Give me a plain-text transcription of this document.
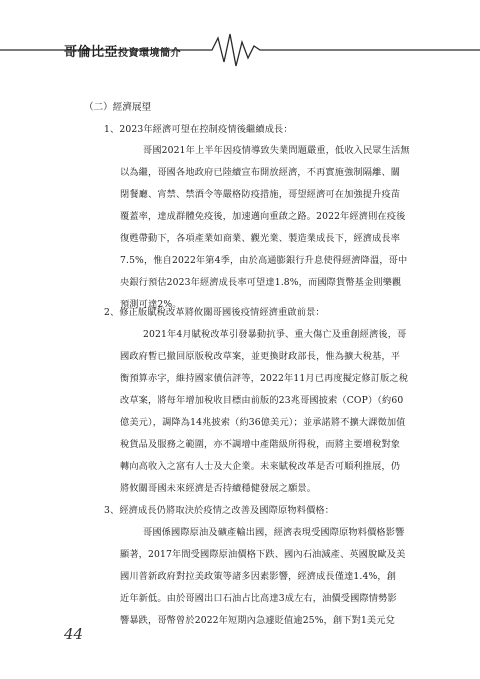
哥倫比亞投資環境簡介
（二）經濟展望
1、2023年經濟可望在控制疫情後繼續成長：
哥國2021年上半年因疫情導致失業問題嚴重，低收入民眾生活無
以為繼，哥國各地政府已陸續宣布開放經濟，不再實施強制隔離、關
閉餐廳、宵禁、禁酒令等嚴格防疫措施，哥望經濟可在加強提升疫苗
覆蓋率，達成群體免疫後，加速邁向重啟之路。2022年經濟則在疫後
復甦帶動下，各項產業如商業、觀光業、製造業成長下，經濟成長率
7.5%，惟自2022年第4季，由於高通膨銀行升息使得經濟降溫，哥中
央銀行預估2023年經濟成長率可望達1.8%，而國際貨幣基金則樂觀
預測可達2%。
2、修正版賦稅改革將攸關哥國後疫情經濟重啟前景：
2021年4月賦稅改革引發暴動抗爭、重大傷亡及重創經濟後，哥
國政府暫已撤回原版稅改草案，並更換財政部長，惟為擴大稅基，平
衡預算赤字，維持國家債信評等，2022年11月已再度擬定修訂版之稅
改草案，將每年增加稅收目標由前版的23兆哥國披索（COP）（約60
億美元），調降為14兆披索（約36億美元）；並承諾將不擴大課徵加值
稅貨品及服務之範圍，亦不調增中產階級所得稅，而將主要增稅對象
轉向高收入之富有人士及大企業。未來賦稅改革是否可順利推展，仍
將攸關哥國未來經濟是否持續穩健發展之願景。
3、經濟成長仍將取決於疫情之改善及國際原物料價格：
哥國係國際原油及礦產輸出國，經濟表現受國際原物料價格影響
顯著，2017年間受國際原油價格下跌、國內石油減產、英國脫歐及美
國川普新政府對拉美政策等諸多因素影響，經濟成長僅達1.4%，創
近年新低。由於哥國出口石油占比高達3成左右，油價受國際情勢影
響暴跌，哥幣曾於2022年短期內急遽貶值逾25%，創下對1美元兌
44
